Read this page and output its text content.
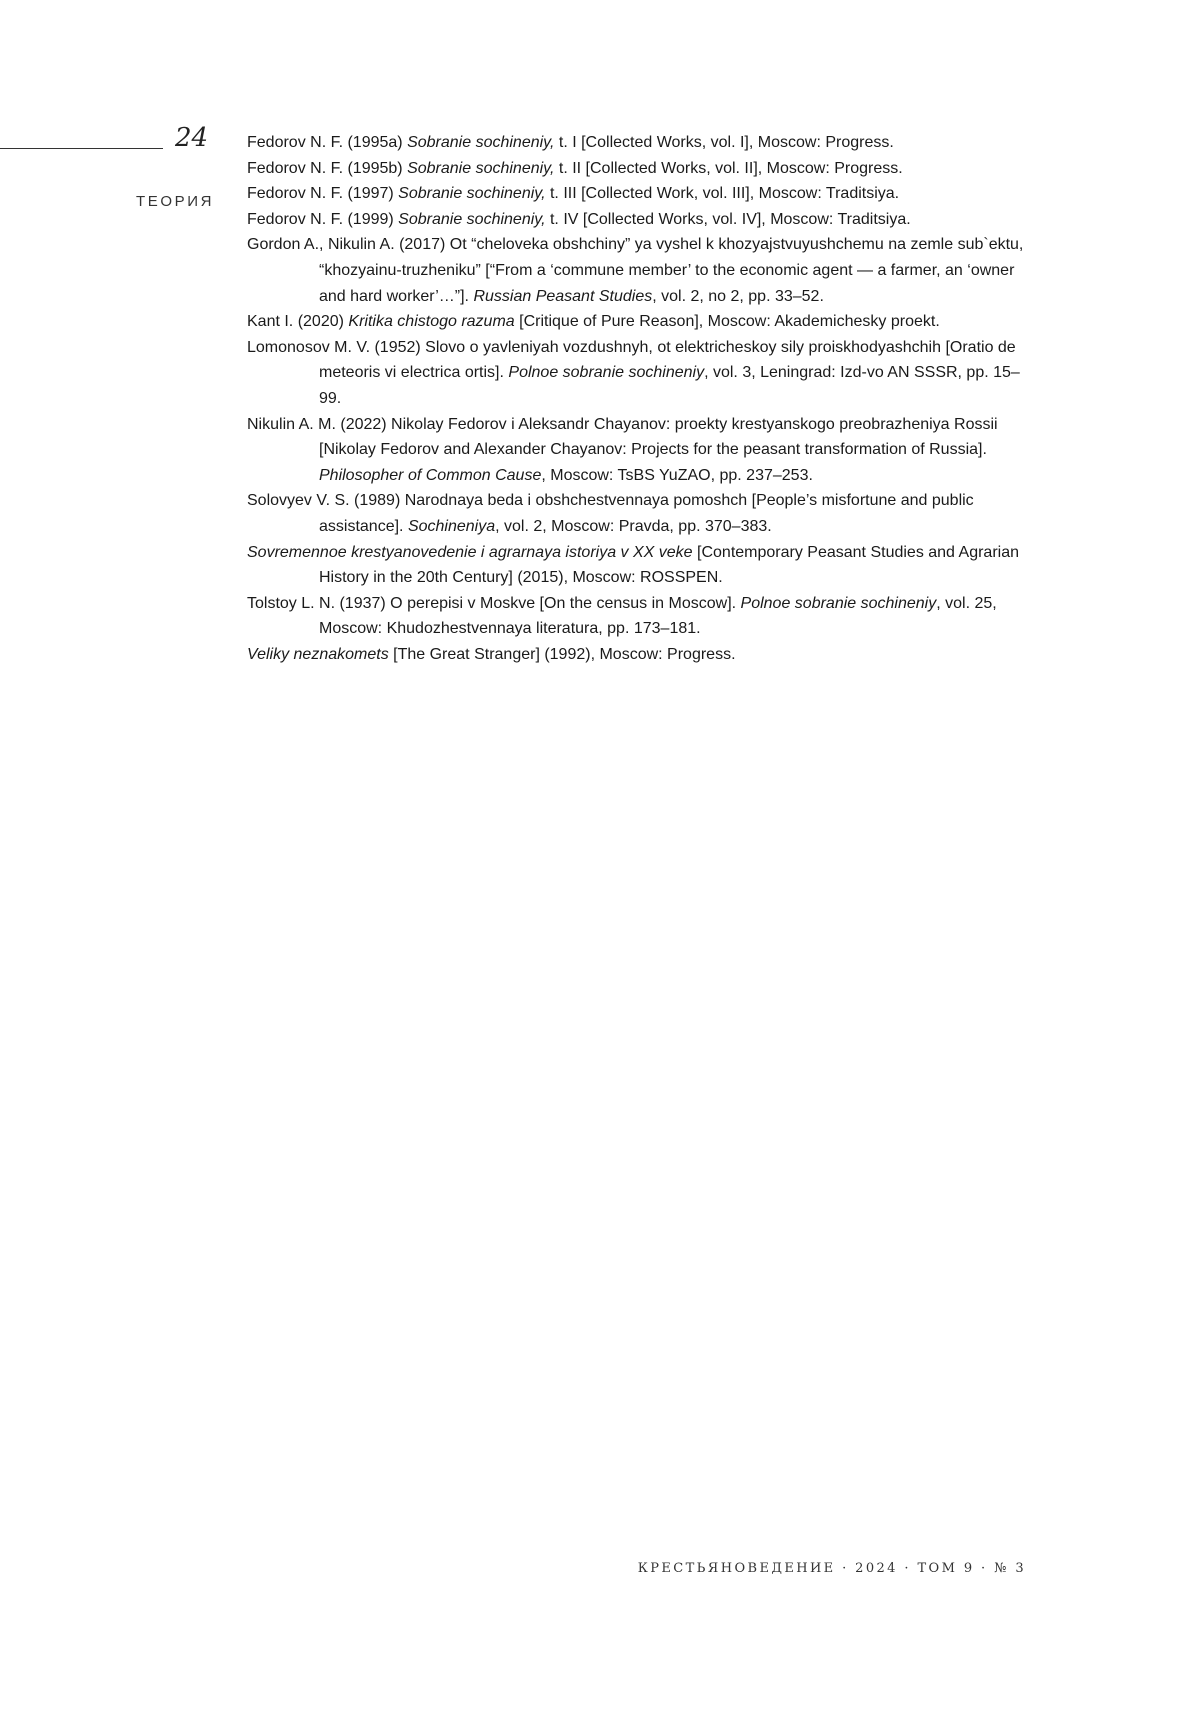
24
ТЕОРИЯ
Fedorov N. F. (1995a) Sobranie sochineniy, t. I [Collected Works, vol. I], Moscow: Progress.
Fedorov N. F. (1995b) Sobranie sochineniy, t. II [Collected Works, vol. II], Moscow: Progress.
Fedorov N. F. (1997) Sobranie sochineniy, t. III [Collected Work, vol. III], Moscow: Traditsiya.
Fedorov N. F. (1999) Sobranie sochineniy, t. IV [Collected Works, vol. IV], Moscow: Traditsiya.
Gordon A., Nikulin A. (2017) Ot “cheloveka obshchiny” ya vyshel k khozyajstvuyushchemu na zemle sub`ektu, “khozyainu-truzheniku” [“From a ‘commune member’ to the economic agent — a farmer, an ‘owner and hard worker’…”]. Russian Peasant Studies, vol. 2, no 2, pp. 33–52.
Kant I. (2020) Kritika chistogo razuma [Critique of Pure Reason], Moscow: Akademichesky proekt.
Lomonosov M. V. (1952) Slovo o yavleniyah vozdushnyh, ot elektricheskoy sily proiskhodyashchih [Oratio de meteoris vi electrica ortis]. Polnoe sobranie sochineniy, vol. 3, Leningrad: Izd-vo AN SSSR, pp. 15–99.
Nikulin A. M. (2022) Nikolay Fedorov i Aleksandr Chayanov: proekty krestyanskogo preobrazheniya Rossii [Nikolay Fedorov and Alexander Chayanov: Projects for the peasant transformation of Russia]. Philosopher of Common Cause, Moscow: TsBS YuZAO, pp. 237–253.
Solovyev V. S. (1989) Narodnaya beda i obshchestvennaya pomoshch [People’s misfortune and public assistance]. Sochineniya, vol. 2, Moscow: Pravda, pp. 370–383.
Sovremennoe krestyanovedenie i agrarnaya istoriya v XX veke [Contemporary Peasant Studies and Agrarian History in the 20th Century] (2015), Moscow: ROSSPEN.
Tolstoy L. N. (1937) O perepisi v Moskve [On the census in Moscow]. Polnoe sobranie sochineniy, vol. 25, Moscow: Khudozhestvennaya literatura, pp. 173–181.
Veliky neznakomets [The Great Stranger] (1992), Moscow: Progress.
КРЕСТЬЯНОВЕДЕНИЕ · 2024 · ТОМ 9 · № 3
